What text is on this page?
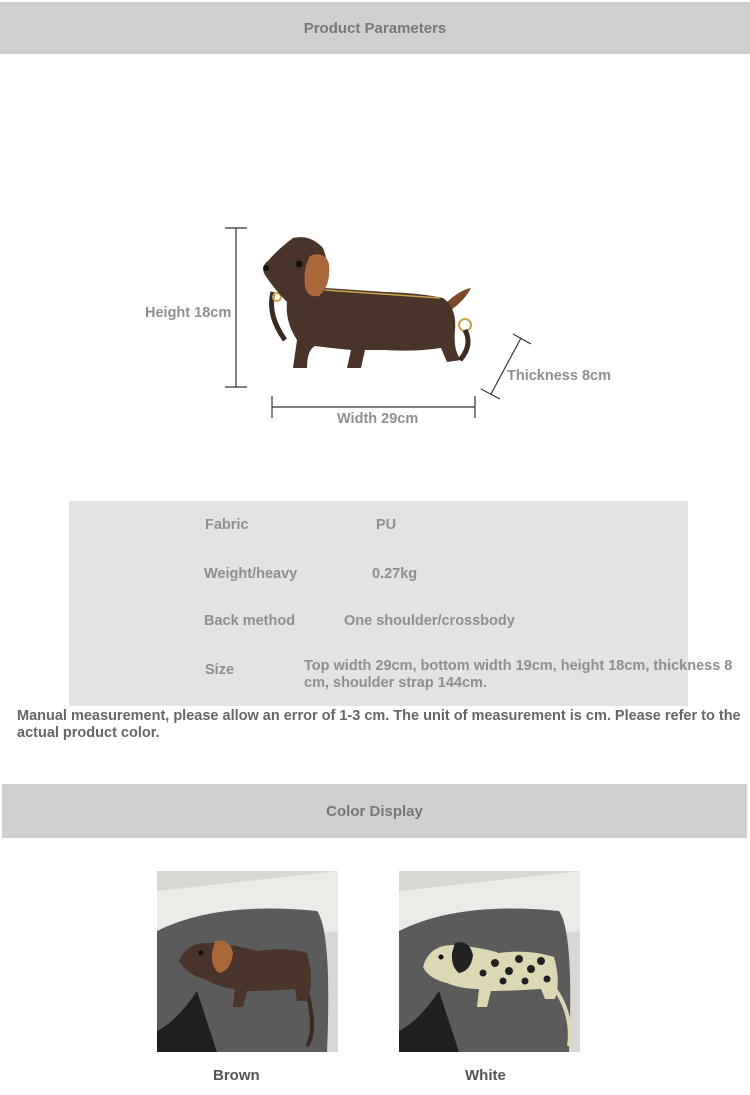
Product Parameters
Height 18cm
Thickness 8cm
Width 29cm
Fabric	PU
Weight/heavy	0.27kg
Back method	One shoulder/crossbody
Size	Top width 29cm, bottom width 19cm, height 18cm, thickness 8 cm, shoulder strap 144cm.
Manual measurement, please allow an error of 1-3 cm. The unit of measurement is cm. Please refer to the actual product color.
Color Display
Brown	White
